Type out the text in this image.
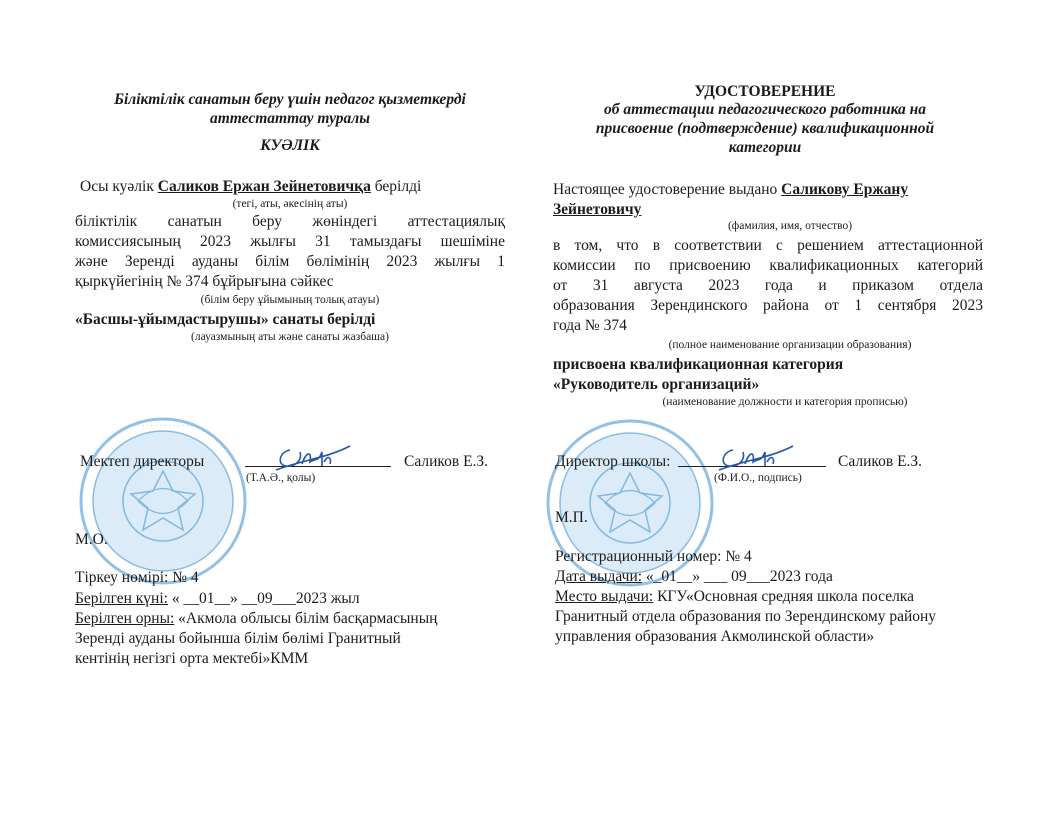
Біліктілік санатын беру үшін педагог қызметкерді
аттестаттау туралы
КУӘЛІК
Осы куәлік Саликов Ержан Зейнетовичқа берілді
(тегі, аты, әкесінің аты)
біліктілік санатын беру жөніндегі аттестациялық
комиссиясының 2023 жылғы 31 тамыздағы шешіміне
және Зеренді ауданы білім бөлімінің 2023 жылғы 1
қыркүйегінің № 374 бұйрығына сәйкес
(білім беру ұйымының толық атауы)
«Басшы-ұйымдастырушы» санаты берілді
(лауазмының аты және санаты жазбаша)
· · · · · · · · · · · · · ·
Мектеп директоры	Саликов Е.З.
(Т.А.Ә., қолы)
М.О.
Тіркеу нөмірі: № 4
Берілген күні: « __01__» __09___2023 жыл
Берілген орны: «Акмола облысы білім басқармасының
Зеренді ауданы бойынша білім бөлімі Гранитный
кентінің негізгі орта мектебі»КММ
УДОСТОВЕРЕНИЕ
об аттестации педагогического работника на
присвоение (подтверждение) квалификационной
категории
Настоящее удостоверение выдано Саликову Ержану
Зейнетовичу
(фамилия, имя, отчество)
в том, что в соответствии с решением аттестационной
комиссии по присвоению квалификационных категорий
от 31 августа 2023 года и приказом отдела
образования Зерендинского района от 1 сентября 2023
года № 374
(полное наименование организации образования)
присвоена квалификационная категория
«Руководитель организаций»
(наименование должности и категория прописью)
Директор школы:	Саликов Е.З.
(Ф.И.О., подпись)
М.П.
Регистрационный номер: № 4
Дата выдачи: «_01__» ___ 09___2023 года
Место выдачи: КГУ«Основная средняя школа поселка
Гранитный отдела образования по Зерендинскому району
управления образования Акмолинской области»
